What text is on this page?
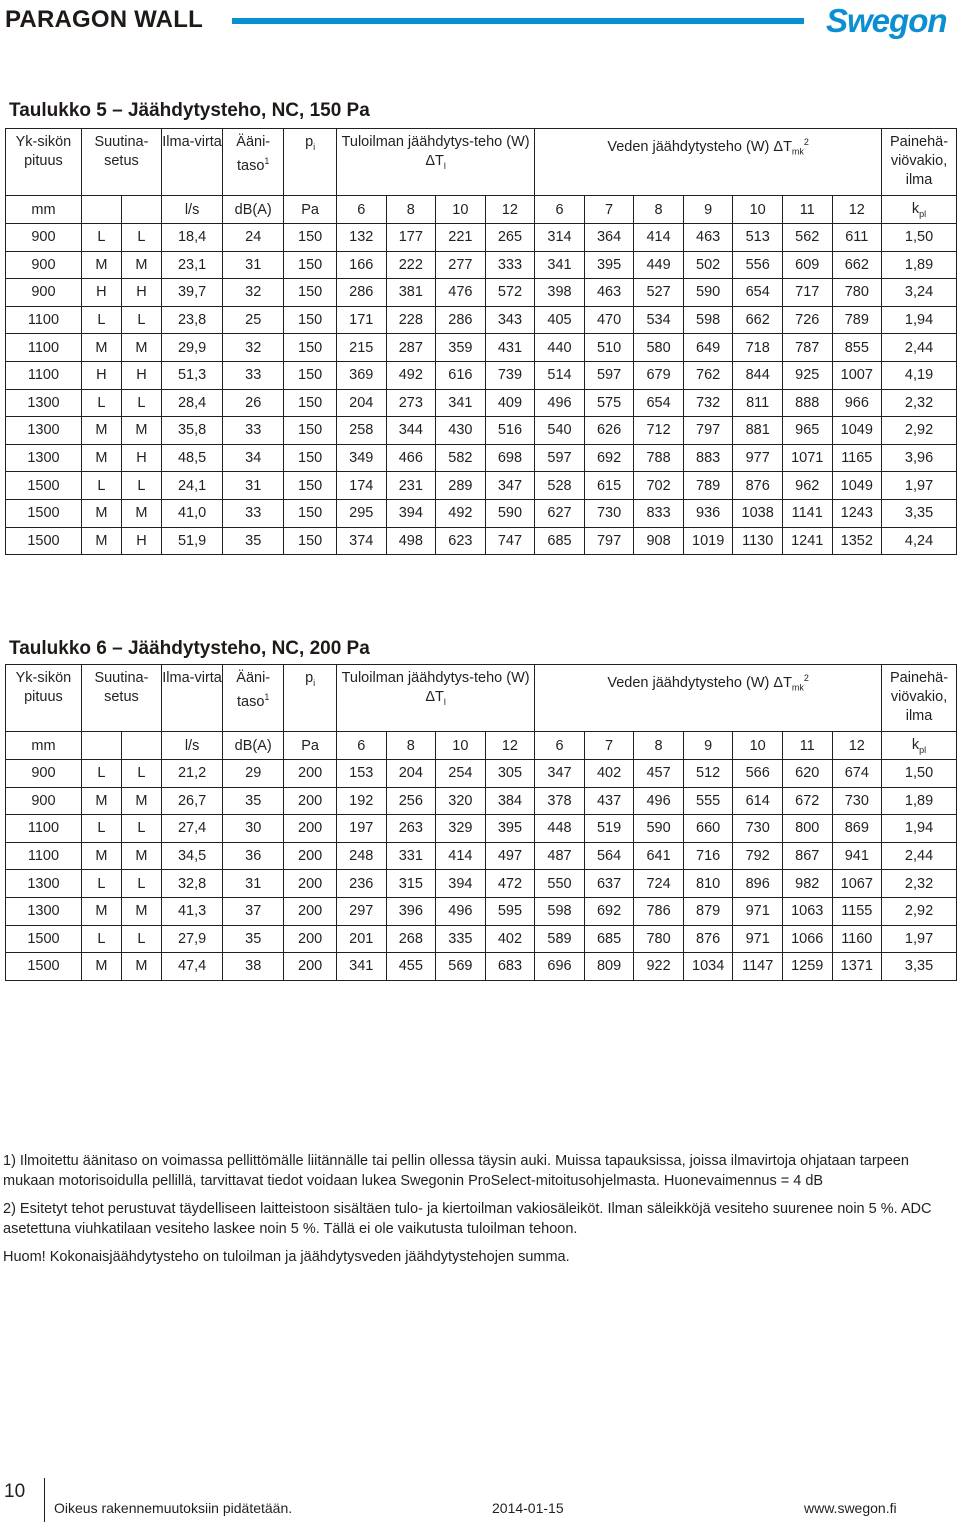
PARAGON WALL	Swegon
Taulukko 5 – Jäähdytysteho, NC, 150 Pa
Yk-sikön pituus	Suutina-setus		Ilma-virta	Ääni-taso$^1$	$p_i$	Tuloilman jäähdytys-teho (W) $\Delta T_l$				Veden jäähdytysteho (W) $\Delta T_{mk}^2$							Painehä-viövakio, ilma
mm			l/s	dB(A)	Pa	6	8	10	12	6	7	8	9	10	11	12	$k_{pl}$
900	L	L	18,4	24	150	132	177	221	265	314	364	414	463	513	562	611	1,50
900	M	M	23,1	31	150	166	222	277	333	341	395	449	502	556	609	662	1,89
900	H	H	39,7	32	150	286	381	476	572	398	463	527	590	654	717	780	3,24
1100	L	L	23,8	25	150	171	228	286	343	405	470	534	598	662	726	789	1,94
1100	M	M	29,9	32	150	215	287	359	431	440	510	580	649	718	787	855	2,44
1100	H	H	51,3	33	150	369	492	616	739	514	597	679	762	844	925	1007	4,19
1300	L	L	28,4	26	150	204	273	341	409	496	575	654	732	811	888	966	2,32
1300	M	M	35,8	33	150	258	344	430	516	540	626	712	797	881	965	1049	2,92
1300	M	H	48,5	34	150	349	466	582	698	597	692	788	883	977	1071	1165	3,96
1500	L	L	24,1	31	150	174	231	289	347	528	615	702	789	876	962	1049	1,97
1500	M	M	41,0	33	150	295	394	492	590	627	730	833	936	1038	1141	1243	3,35
1500	M	H	51,9	35	150	374	498	623	747	685	797	908	1019	1130	1241	1352	4,24
Taulukko 6 – Jäähdytysteho, NC, 200 Pa
Yk-sikön pituus	Suutina-setus		Ilma-virta	Ääni-taso$^1$	$p_i$	Tuloilman jäähdytys-teho (W) $\Delta T_l$				Veden jäähdytysteho (W) $\Delta T_{mk}^2$							Painehä-viövakio, ilma
mm			l/s	dB(A)	Pa	6	8	10	12	6	7	8	9	10	11	12	$k_{pl}$
900	L	L	21,2	29	200	153	204	254	305	347	402	457	512	566	620	674	1,50
900	M	M	26,7	35	200	192	256	320	384	378	437	496	555	614	672	730	1,89
1100	L	L	27,4	30	200	197	263	329	395	448	519	590	660	730	800	869	1,94
1100	M	M	34,5	36	200	248	331	414	497	487	564	641	716	792	867	941	2,44
1300	L	L	32,8	31	200	236	315	394	472	550	637	724	810	896	982	1067	2,32
1300	M	M	41,3	37	200	297	396	496	595	598	692	786	879	971	1063	1155	2,92
1500	L	L	27,9	35	200	201	268	335	402	589	685	780	876	971	1066	1160	1,97
1500	M	M	47,4	38	200	341	455	569	683	696	809	922	1034	1147	1259	1371	3,35

1) Ilmoitettu äänitaso on voimassa pellittömälle liitännälle tai pellin ollessa täysin auki. Muissa tapauksissa, joissa ilmavirtoja ohjataan tarpeen mukaan motorisoidulla pellillä, tarvittavat tiedot voidaan lukea Swegonin ProSelect-mitoitusohjelmasta. Huonevaimennus = 4 dB

2) Esitetyt tehot perustuvat täydelliseen laitteistoon sisältäen tulo- ja kiertoilman vakiosäleiköt. Ilman säleikköjä vesiteho suurenee noin 5 %. ADC asetettuna viuhkatilaan vesiteho laskee noin 5 %. Tällä ei ole vaikutusta tuloilman tehoon.

Huom! Kokonaisjäähdytysteho on tuloilman ja jäähdytysveden jäähdytystehojen summa.

10
Oikeus rakennemuutoksiin pidätetään.	2014-01-15	www.swegon.fi
